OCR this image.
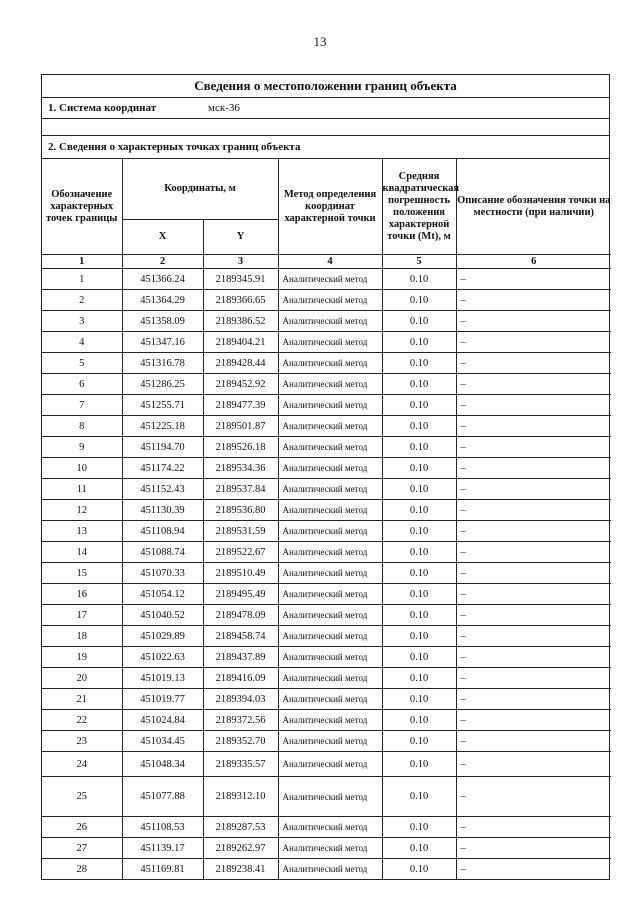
13
Сведения о местоположении границ объекта
1. Система координат	мск-36
2. Сведения о характерных точках границ объекта
Обозначение характерных точек границы	Координаты, м		Метод определения координат характерной точки	Средняя квадратическая погрешность положения характерной точки (Mt), м	Описание обозначения точки на местности (при наличии)
	X	Y			
1	2	3	4	5	6
1	451366.24	2189345.91	Аналитический метод	0.10	–
2	451364.29	2189366.65	Аналитический метод	0.10	–
3	451358.09	2189386.52	Аналитический метод	0.10	–
4	451347.16	2189404.21	Аналитический метод	0.10	–
5	451316.78	2189428.44	Аналитический метод	0.10	–
6	451286.25	2189452.92	Аналитический метод	0.10	–
7	451255.71	2189477.39	Аналитический метод	0.10	–
8	451225.18	2189501.87	Аналитический метод	0.10	–
9	451194.70	2189526.18	Аналитический метод	0.10	–
10	451174.22	2189534.36	Аналитический метод	0.10	–
11	451152.43	2189537.84	Аналитический метод	0.10	–
12	451130.39	2189536.80	Аналитический метод	0.10	–
13	451108.94	2189531.59	Аналитический метод	0.10	–
14	451088.74	2189522.67	Аналитический метод	0.10	–
15	451070.33	2189510.49	Аналитический метод	0.10	–
16	451054.12	2189495.49	Аналитический метод	0.10	–
17	451040.52	2189478.09	Аналитический метод	0.10	–
18	451029.89	2189458.74	Аналитический метод	0.10	–
19	451022.63	2189437.89	Аналитический метод	0.10	–
20	451019.13	2189416.09	Аналитический метод	0.10	–
21	451019.77	2189394.03	Аналитический метод	0.10	–
22	451024.84	2189372.56	Аналитический метод	0.10	–
23	451034.45	2189352.70	Аналитический метод	0.10	–
24	451048.34	2189335.57	Аналитический метод	0.10	–
25	451077.88	2189312.10	Аналитический метод	0.10	–
26	451108.53	2189287.53	Аналитический метод	0.10	–
27	451139.17	2189262.97	Аналитический метод	0.10	–
28	451169.81	2189238.41	Аналитический метод	0.10	–
